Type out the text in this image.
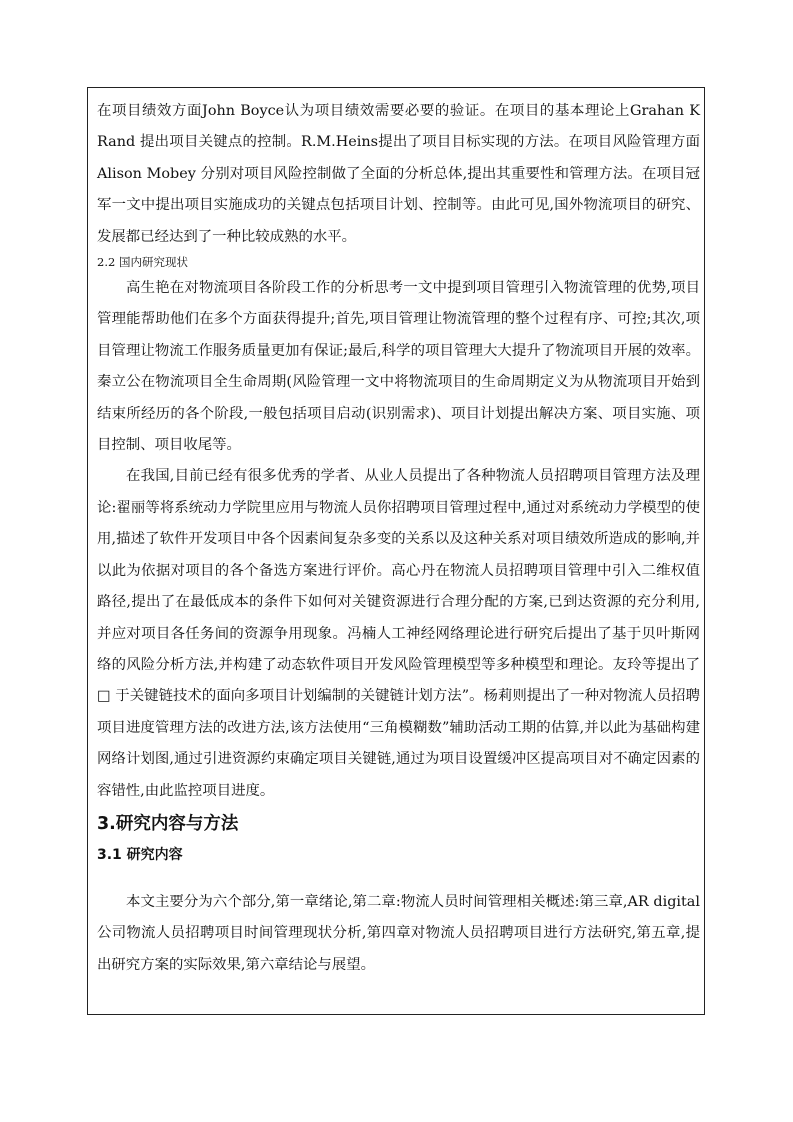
在项目绩效方面John Boyce认为项目绩效需要必要的验证。在项目的基本理论上Grahan K Rand 提出项目关键点的控制。R.M.Heins提出了项目目标实现的方法。在项目风险管理方面Alison Mobey 分别对项目风险控制做了全面的分析总体,提出其重要性和管理方法。在项目冠军一文中提出项目实施成功的关键点包括项目计划、控制等。由此可见,国外物流项目的研究、发展都已经达到了一种比较成熟的水平。

2.2 国内研究现状

高生艳在对物流项目各阶段工作的分析思考一文中提到项目管理引入物流管理的优势,项目管理能帮助他们在多个方面获得提升;首先,项目管理让物流管理的整个过程有序、可控;其次,项目管理让物流工作服务质量更加有保证;最后,科学的项目管理大大提升了物流项目开展的效率。秦立公在物流项目全生命周期(风险管理一文中将物流项目的生命周期定义为从物流项目开始到结束所经历的各个阶段,一般包括项目启动(识别需求)、项目计划提出解决方案、项目实施、项目控制、项目收尾等。

在我国,目前已经有很多优秀的学者、从业人员提出了各种物流人员招聘项目管理方法及理论:翟丽等将系统动力学院里应用与物流人员你招聘项目管理过程中,通过对系统动力学模型的使用,描述了软件开发项目中各个因素间复杂多变的关系以及这种关系对项目绩效所造成的影响,并以此为依据对项目的各个备选方案进行评价。高心丹在物流人员招聘项目管理中引入二维权值路径,提出了在最低成本的条件下如何对关键资源进行合理分配的方案,已到达资源的充分利用,并应对项目各任务间的资源争用现象。冯楠人工神经网络理论进行研究后提出了基于贝叶斯网络的风险分析方法,并构建了动态软件项目开发风险管理模型等多种模型和理论。友玲等提出了□ 于关键链技术的面向多项目计划编制的关键链计划方法”。杨莉则提出了一种对物流人员招聘项目进度管理方法的改进方法,该方法使用“三角模糊数”辅助活动工期的估算,并以此为基础构建网络计划图,通过引进资源约束确定项目关键链,通过为项目设置缓冲区提高项目对不确定因素的容错性,由此监控项目进度。

3.研究内容与方法

3.1 研究内容

本文主要分为六个部分,第一章绪论,第二章:物流人员时间管理相关概述:第三章,AR digital 公司物流人员招聘项目时间管理现状分析,第四章对物流人员招聘项目进行方法研究,第五章,提出研究方案的实际效果,第六章结论与展望。
